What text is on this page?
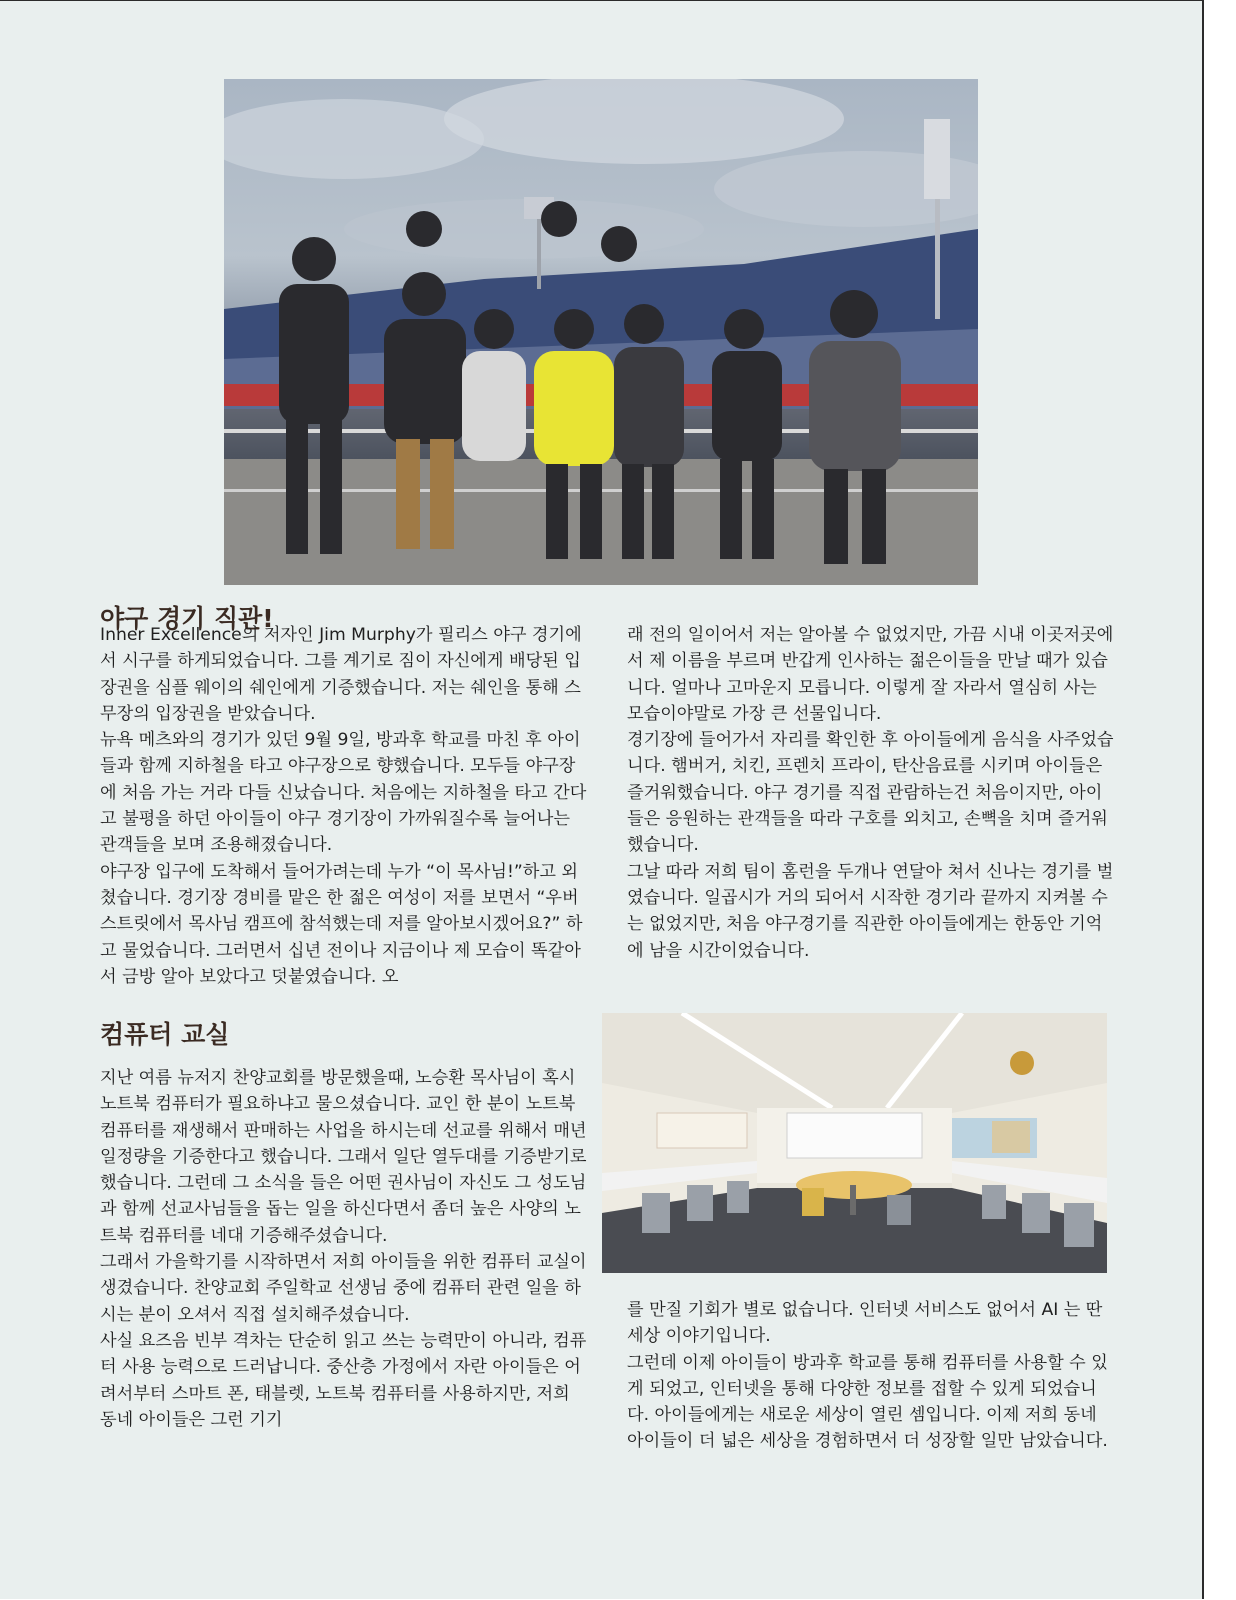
야구 경기 직관!

Inner Excellence의 저자인 Jim Murphy가 필리스 야구 경기에서 시구를 하게되었습니다. 그를 계기로 짐이 자신에게 배당된 입장권을 심플 웨이의 쉐인에게 기증했습니다. 저는 쉐인을 통해 스무장의 입장권을 받았습니다.

뉴욕 메츠와의 경기가 있던 9월 9일, 방과후 학교를 마친 후 아이들과 함께 지하철을 타고 야구장으로 향했습니다. 모두들 야구장에 처음 가는 거라 다들 신났습니다. 처음에는 지하철을 타고 간다고 불평을 하던 아이들이 야구 경기장이 가까워질수록 늘어나는 관객들을 보며 조용해졌습니다.

야구장 입구에 도착해서 들어가려는데 누가 “이 목사님!”하고 외쳤습니다. 경기장 경비를 맡은 한 젊은 여성이 저를 보면서 “우버 스트릿에서 목사님 캠프에 참석했는데 저를 알아보시겠어요?” 하고 물었습니다. 그러면서 십년 전이나 지금이나 제 모습이 똑같아서 금방 알아 보았다고 덧붙였습니다. 오

래 전의 일이어서 저는 알아볼 수 없었지만, 가끔 시내 이곳저곳에서 제 이름을 부르며 반갑게 인사하는 젊은이들을 만날 때가 있습니다. 얼마나 고마운지 모릅니다. 이렇게 잘 자라서 열심히 사는 모습이야말로 가장 큰 선물입니다.

경기장에 들어가서 자리를 확인한 후 아이들에게 음식을 사주었습니다. 햄버거, 치킨, 프렌치 프라이, 탄산음료를 시키며 아이들은 즐거워했습니다. 야구 경기를 직접 관람하는건 처음이지만, 아이들은 응원하는 관객들을 따라 구호를 외치고, 손뼉을 치며 즐거워했습니다.

그날 따라 저희 팀이 홈런을 두개나 연달아 쳐서 신나는 경기를 벌였습니다. 일곱시가 거의 되어서 시작한 경기라 끝까지 지켜볼 수는 없었지만, 처음 야구경기를 직관한 아이들에게는 한동안 기억에 남을 시간이었습니다.

컴퓨터 교실

지난 여름 뉴저지 찬양교회를 방문했을때, 노승환 목사님이 혹시 노트북 컴퓨터가 필요하냐고 물으셨습니다. 교인 한 분이 노트북 컴퓨터를 재생해서 판매하는 사업을 하시는데 선교를 위해서 매년 일정량을 기증한다고 했습니다. 그래서 일단 열두대를 기증받기로 했습니다. 그런데 그 소식을 들은 어떤 권사님이 자신도 그 성도님과 함께 선교사님들을 돕는 일을 하신다면서 좀더 높은 사양의 노트북 컴퓨터를 네대 기증해주셨습니다.

그래서 가을학기를 시작하면서 저희 아이들을 위한 컴퓨터 교실이 생겼습니다. 찬양교회 주일학교 선생님 중에 컴퓨터 관련 일을 하시는 분이 오셔서 직접 설치해주셨습니다.

사실 요즈음 빈부 격차는 단순히 읽고 쓰는 능력만이 아니라, 컴퓨터 사용 능력으로 드러납니다. 중산층 가정에서 자란 아이들은 어려서부터 스마트 폰, 태블렛, 노트북 컴퓨터를 사용하지만, 저희 동네 아이들은 그런 기기

를 만질 기회가 별로 없습니다. 인터넷 서비스도 없어서 AI 는 딴세상 이야기입니다.

그런데 이제 아이들이 방과후 학교를 통해 컴퓨터를 사용할 수 있게 되었고, 인터넷을 통해 다양한 정보를 접할 수 있게 되었습니다. 아이들에게는 새로운 세상이 열린 셈입니다. 이제 저희 동네 아이들이 더 넓은 세상을 경험하면서 더 성장할 일만 남았습니다.
